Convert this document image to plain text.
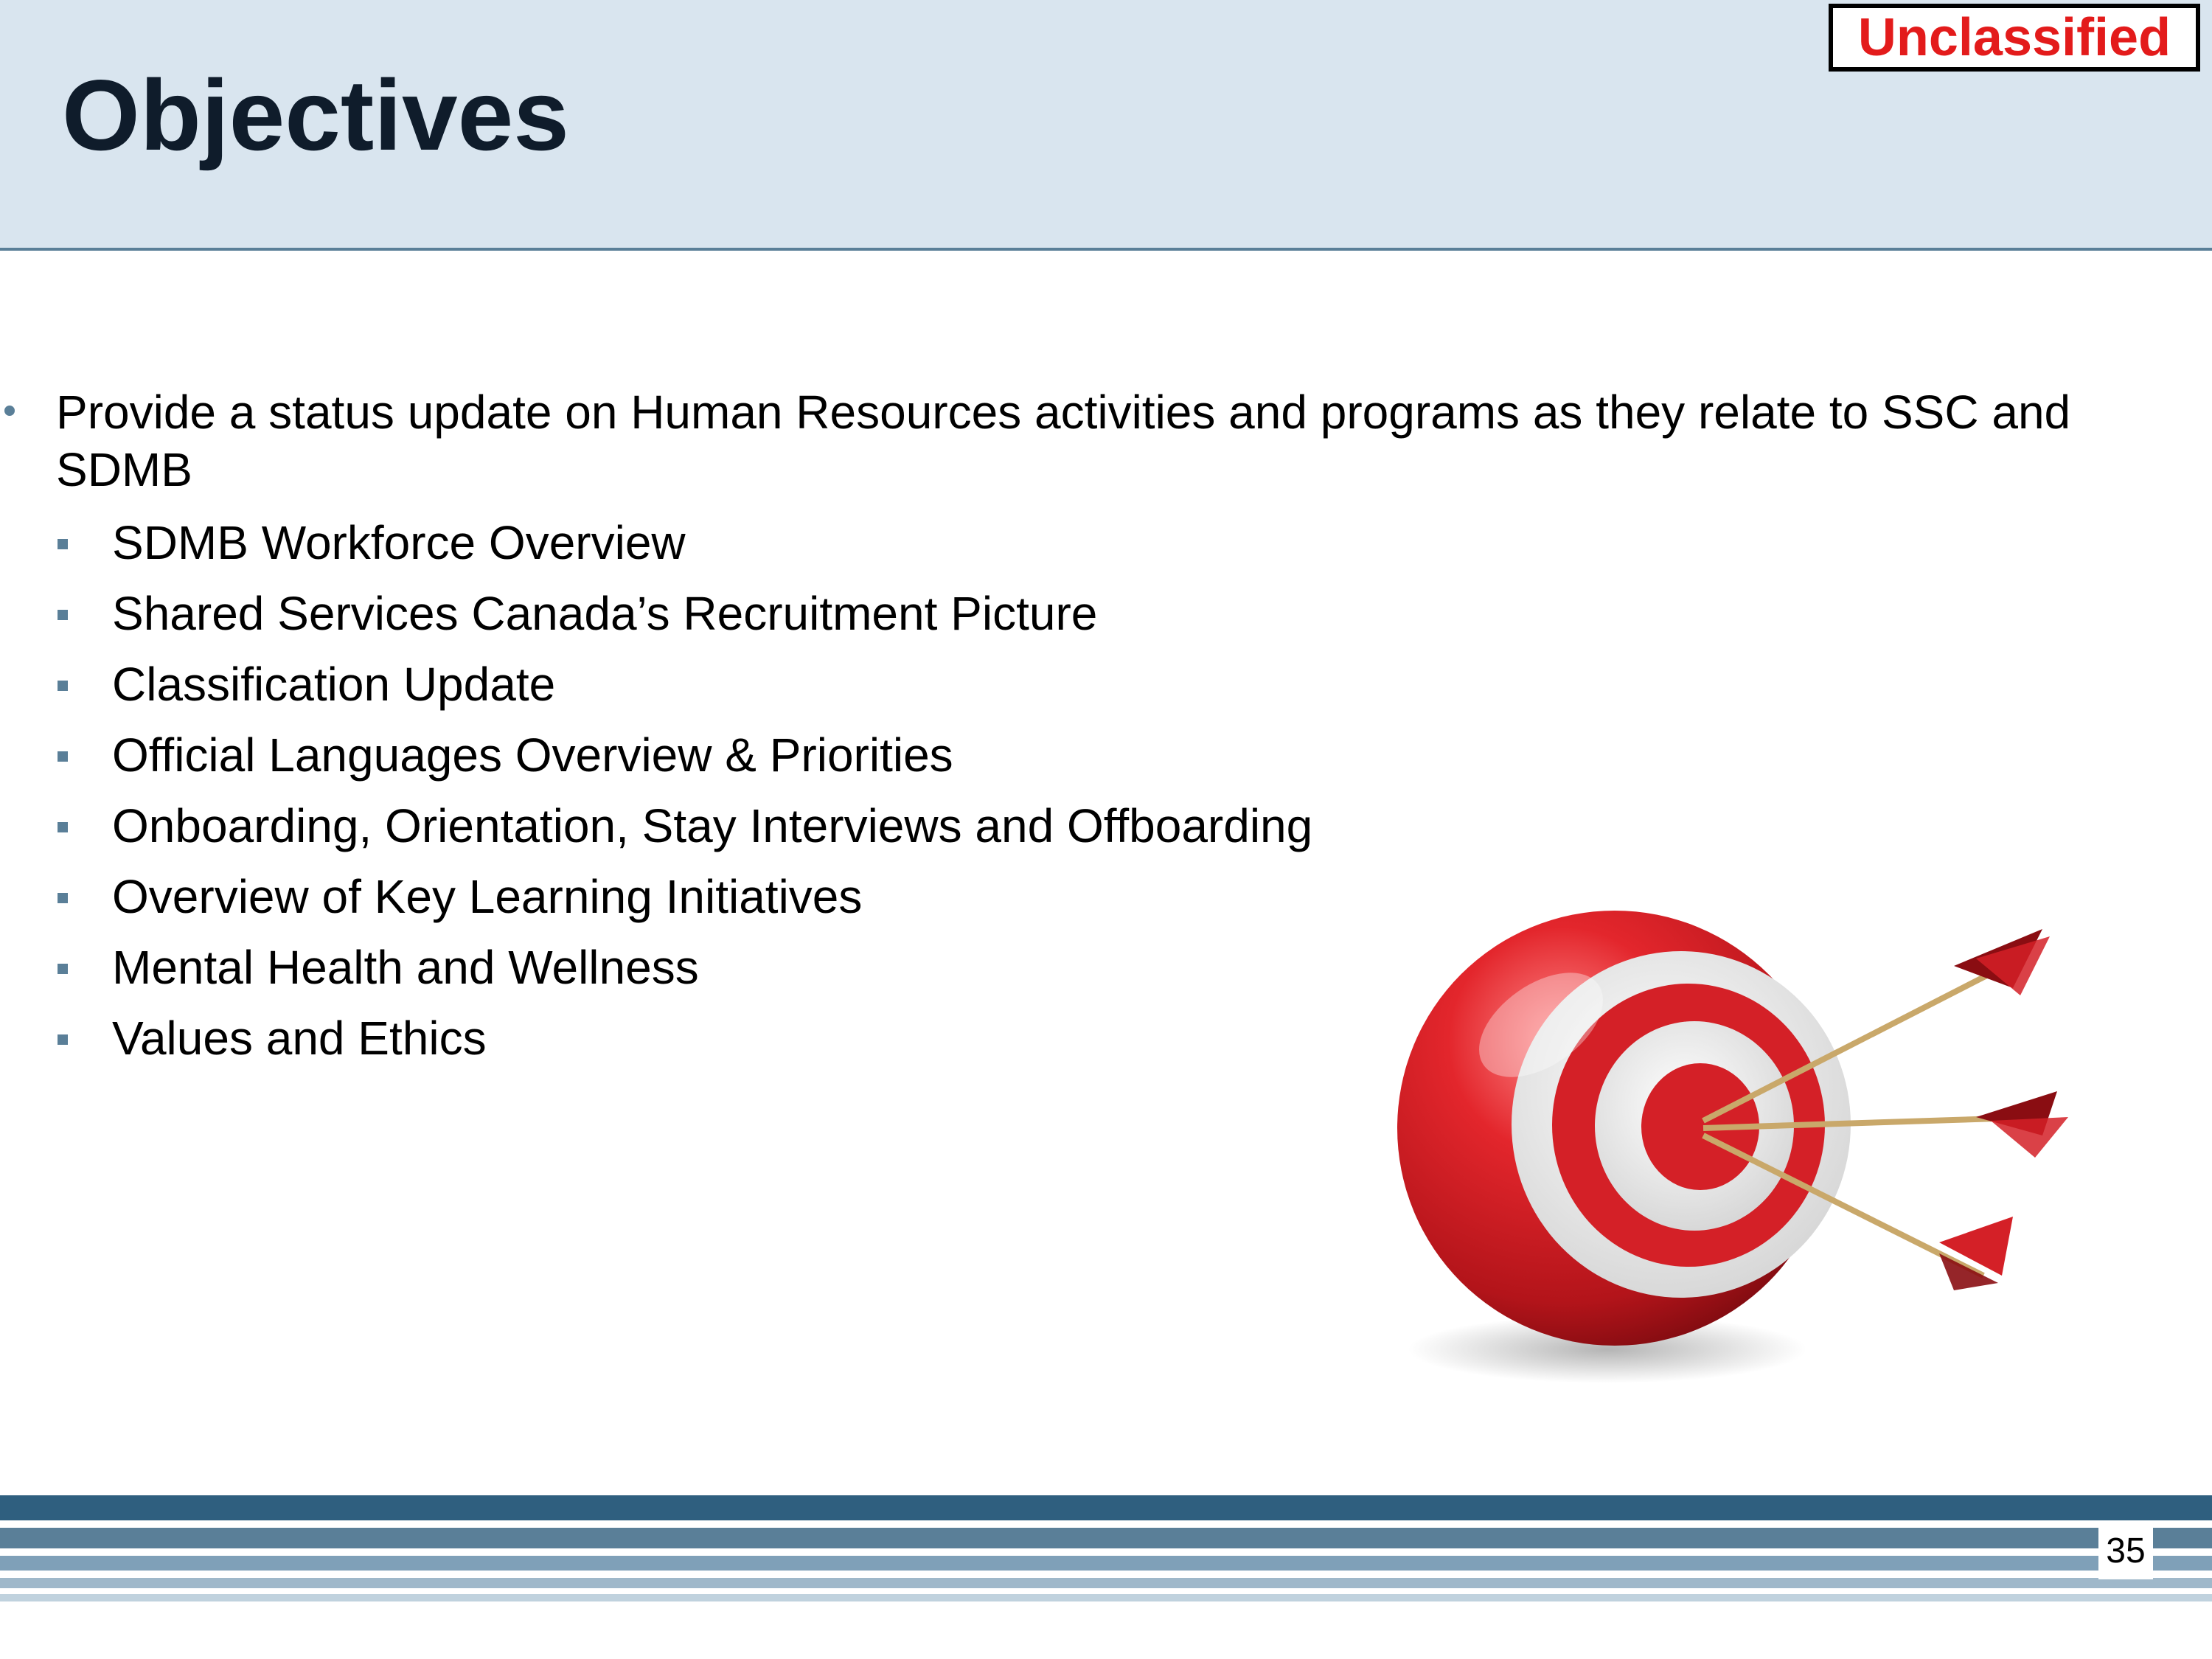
Objectives
Unclassified
Provide a status update on Human Resources activities and programs as they relate to SSC and SDMB
SDMB Workforce Overview
Shared Services Canada’s Recruitment Picture
Classification Update
Official Languages Overview & Priorities
Onboarding, Orientation, Stay Interviews and Offboarding
Overview of Key Learning Initiatives
Mental Health and Wellness
Values and Ethics
35
